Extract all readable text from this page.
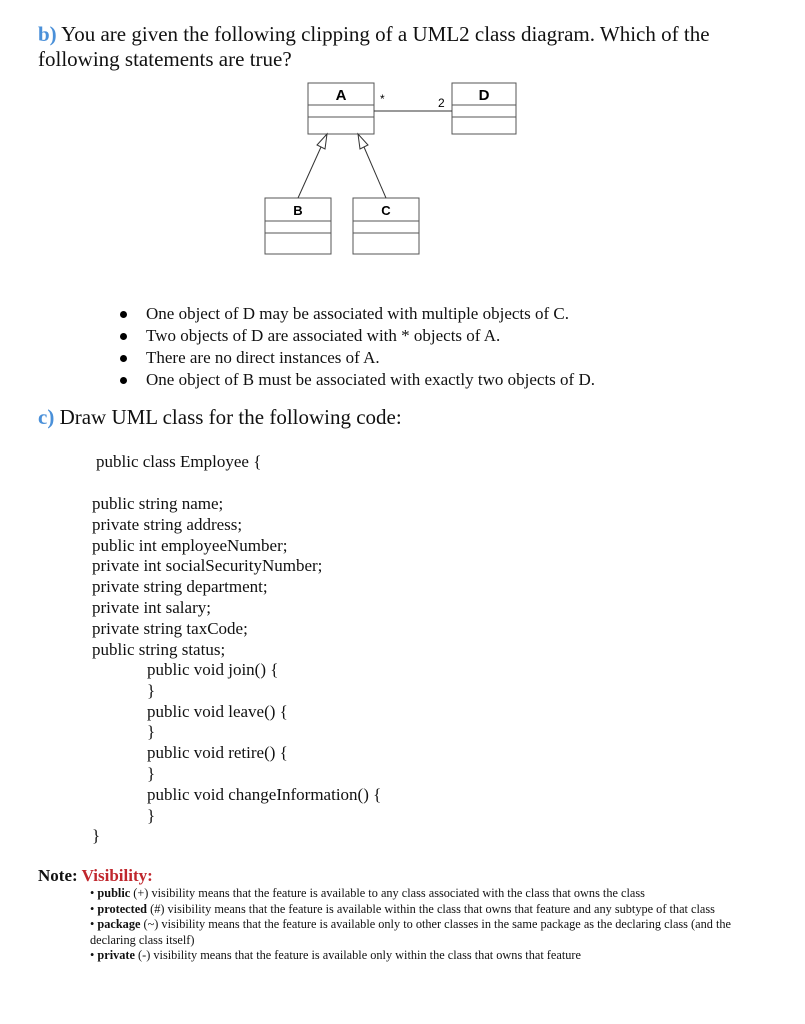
b) You are given the following clipping of a UML2 class diagram. Which of the following statements are true?
A	D
*	2
B	C
One object of D may be associated with multiple objects of C.
Two objects of D are associated with * objects of A.
There are no direct instances of A.
One object of B must be associated with exactly two objects of D.
c) Draw UML class for the following code:
public class Employee {
public string name;
private string address;
public int employeeNumber;
private int socialSecurityNumber;
private string department;
private int salary;
private string taxCode;
public string status;
public void join() {
}
public void leave() {
}
public void retire() {
}
public void changeInformation() {
}
}
Note: Visibility:
• public (+) visibility means that the feature is available to any class associated with the class that owns the class
• protected (#) visibility means that the feature is available within the class that owns that feature and any subtype of that class
• package (~) visibility means that the feature is available only to other classes in the same package as the declaring class (and the declaring class itself)
• private (-) visibility means that the feature is available only within the class that owns that feature
